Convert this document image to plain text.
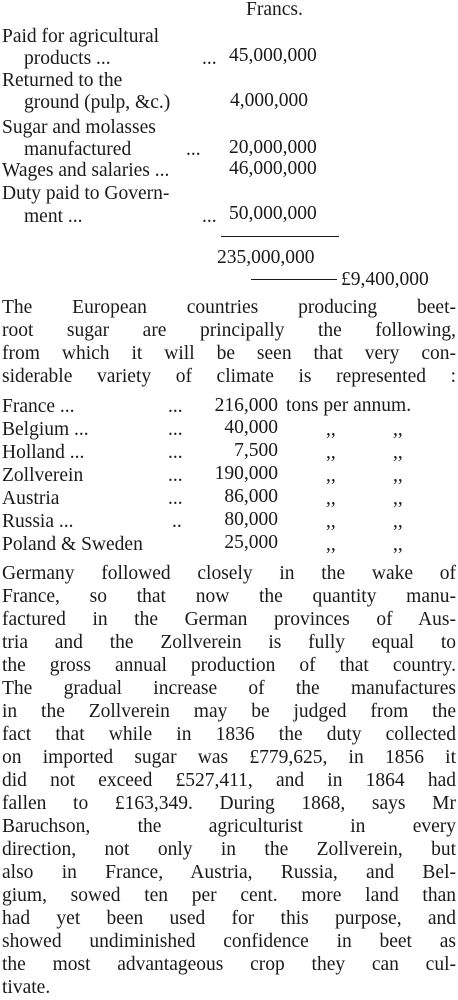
Francs.
Paid for agricultural
products ...	... 45,000,000
Returned to the
ground (pulp, &c.)	4,000,000
Sugar and molasses
manufactured	... 20,000,000
Wages and salaries ...	46,000,000
Duty paid to Govern-
ment ...	... 50,000,000
235,000,000
£9,400,000
The European countries producing beet-
root sugar are principally the following,
from which it will be seen that very con-
siderable variety of climate is represented :
France ...	...	216,000 tons per annum.
Belgium ...	...	40,000 ,,	,,
Holland ...	...	7,500 ,,	,,
Zollverein	...	190,000 ,,	,,
Austria	...	86,000 ,,	,,
Russia ...	..	80,000 ,,	,,
Poland & Sweden	25,000 ,,	,,
Germany followed closely in the wake of
France, so that now the quantity manu-
factured in the German provinces of Aus-
tria and the Zollverein is fully equal to
the gross annual production of that country.
The gradual increase of the manufactures
in the Zollverein may be judged from the
fact that while in 1836 the duty collected
on imported sugar was £779,625, in 1856 it
did not exceed £527,411, and in 1864 had
fallen to £163,349. During 1868, says Mr
Baruchson, the agriculturist in every
direction, not only in the Zollverein, but
also in France, Austria, Russia, and Bel-
gium, sowed ten per cent. more land than
had yet been used for this purpose, and
showed undiminished confidence in beet as
the most advantageous crop they can cul-
tivate.
